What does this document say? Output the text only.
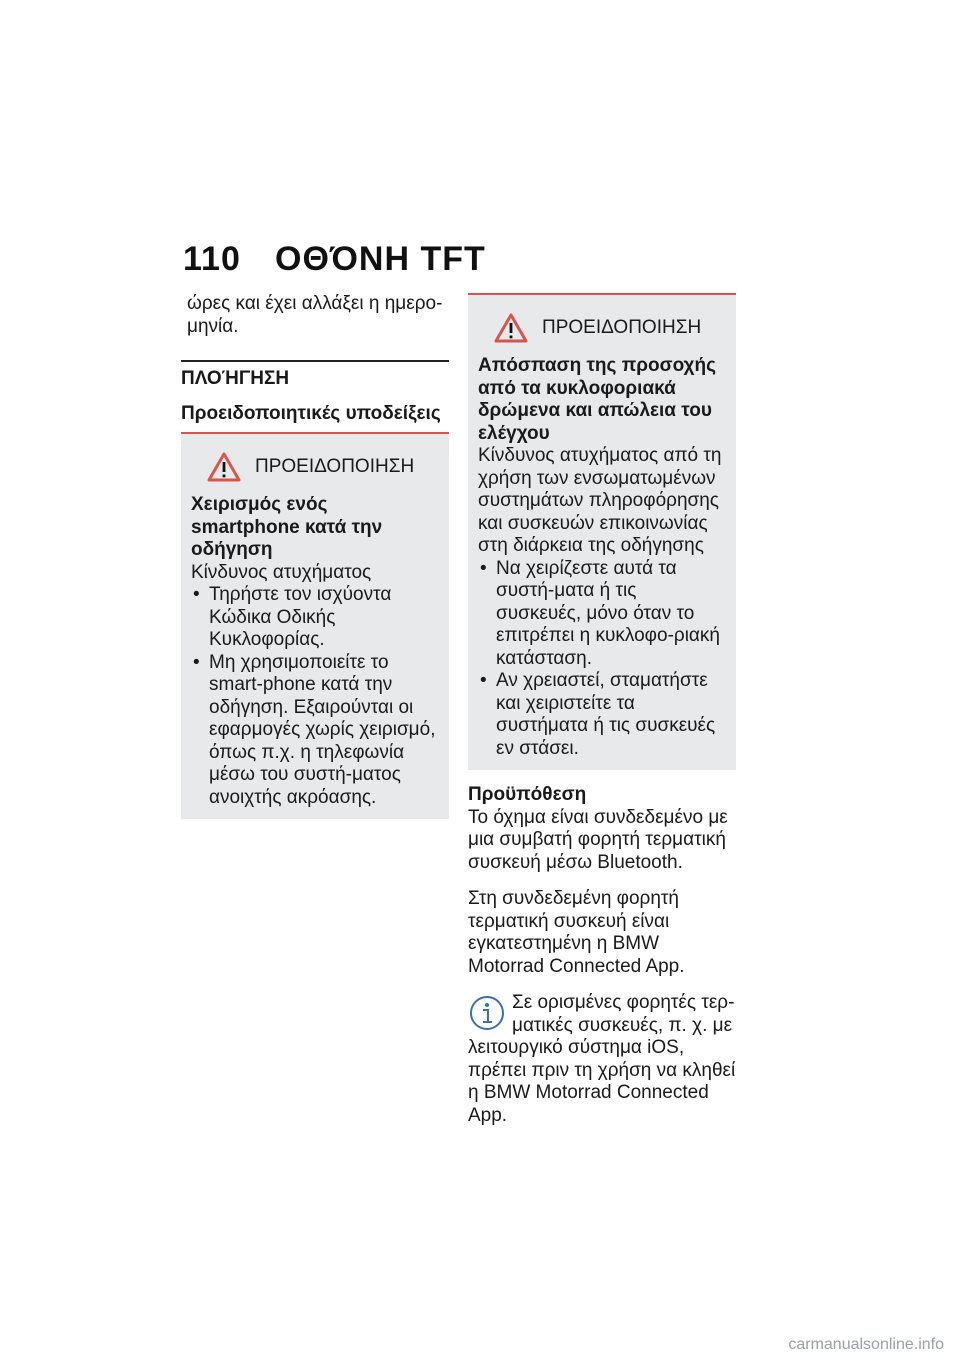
110 ΟΘΌΝΗ TFT

ώρες και έχει αλλάξει η ημερο-μηνία.

ΠΛΟΉΓΗΣΗ
Προειδοποιητικές υποδείξεις
ΠΡΟΕΙΔΟΠΟΙΗΣΗ

Χειρισμός ενός smartphone κατά την οδήγηση

Κίνδυνος ατυχήματος

• Τηρήστε τον ισχύοντα Κώδικα Οδικής Κυκλοφορίας.
• Μη χρησιμοποιείτε το smart-phone κατά την οδήγηση. Εξαιρούνται οι εφαρμογές χωρίς χειρισμό, όπως π.χ. η τηλεφωνία μέσω του συστή-ματος ανοιχτής ακρόασης.
ΠΡΟΕΙΔΟΠΟΙΗΣΗ

Απόσπαση της προσοχής από τα κυκλοφοριακά δρώμενα και απώλεια του ελέγχου

Κίνδυνος ατυχήματος από τη χρήση των ενσωματωμένων συστημάτων πληροφόρησης και συσκευών επικοινωνίας στη διάρκεια της οδήγησης

• Να χειρίζεστε αυτά τα συστή-ματα ή τις συσκευές, μόνο όταν το επιτρέπει η κυκλοφο-ριακή κατάσταση.
• Αν χρειαστεί, σταματήστε και χειριστείτε τα συστήματα ή τις συσκευές εν στάσει.

Προϋπόθεση

Το όχημα είναι συνδεδεμένο με μια συμβατή φορητή τερματική συσκευή μέσω Bluetooth.

Στη συνδεδεμένη φορητή τερματική συσκευή είναι εγκατεστημένη η BMW Motorrad Connected App.

Σε ορισμένες φορητές τερ-ματικές συσκευές, π. χ. με λειτουργικό σύστημα iOS, πρέπει πριν τη χρήση να κληθεί η BMW Motorrad Connected App.

carmanualsonline.info
